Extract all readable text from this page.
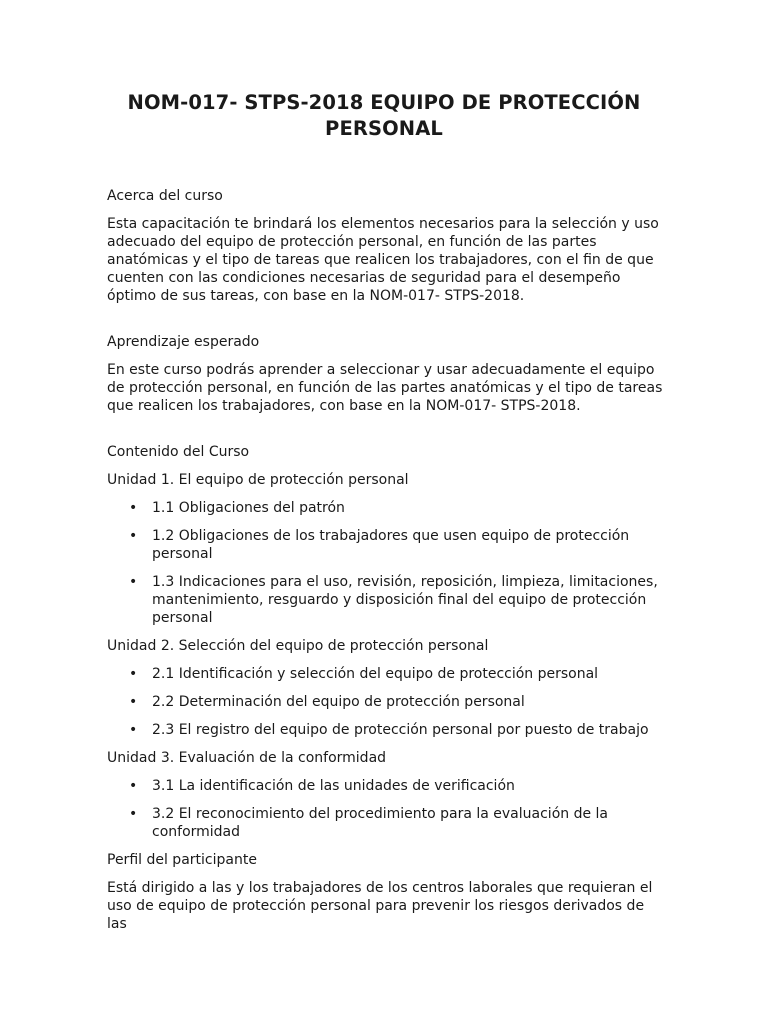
NOM-017- STPS-2018 EQUIPO DE PROTECCIÓN PERSONAL

Acerca del curso

Esta capacitación te brindará los elementos necesarios para la selección y uso adecuado del equipo de protección personal, en función de las partes anatómicas y el tipo de tareas que realicen los trabajadores, con el fin de que cuenten con las condiciones necesarias de seguridad para el desempeño óptimo de sus tareas, con base en la NOM-017- STPS-2018.

Aprendizaje esperado

En este curso podrás aprender a seleccionar y usar adecuadamente el equipo de protección personal, en función de las partes anatómicas y el tipo de tareas que realicen los trabajadores, con base en la NOM-017- STPS-2018.

Contenido del Curso

Unidad 1. El equipo de protección personal

• 1.1 Obligaciones del patrón
• 1.2 Obligaciones de los trabajadores que usen equipo de protección personal
• 1.3 Indicaciones para el uso, revisión, reposición, limpieza, limitaciones, mantenimiento, resguardo y disposición final del equipo de protección personal

Unidad 2. Selección del equipo de protección personal

• 2.1 Identificación y selección del equipo de protección personal
• 2.2 Determinación del equipo de protección personal
• 2.3 El registro del equipo de protección personal por puesto de trabajo

Unidad 3. Evaluación de la conformidad

• 3.1 La identificación de las unidades de verificación
• 3.2 El reconocimiento del procedimiento para la evaluación de la conformidad

Perfil del participante

Está dirigido a las y los trabajadores de los centros laborales que requieran el uso de equipo de protección personal para prevenir los riesgos derivados de las
